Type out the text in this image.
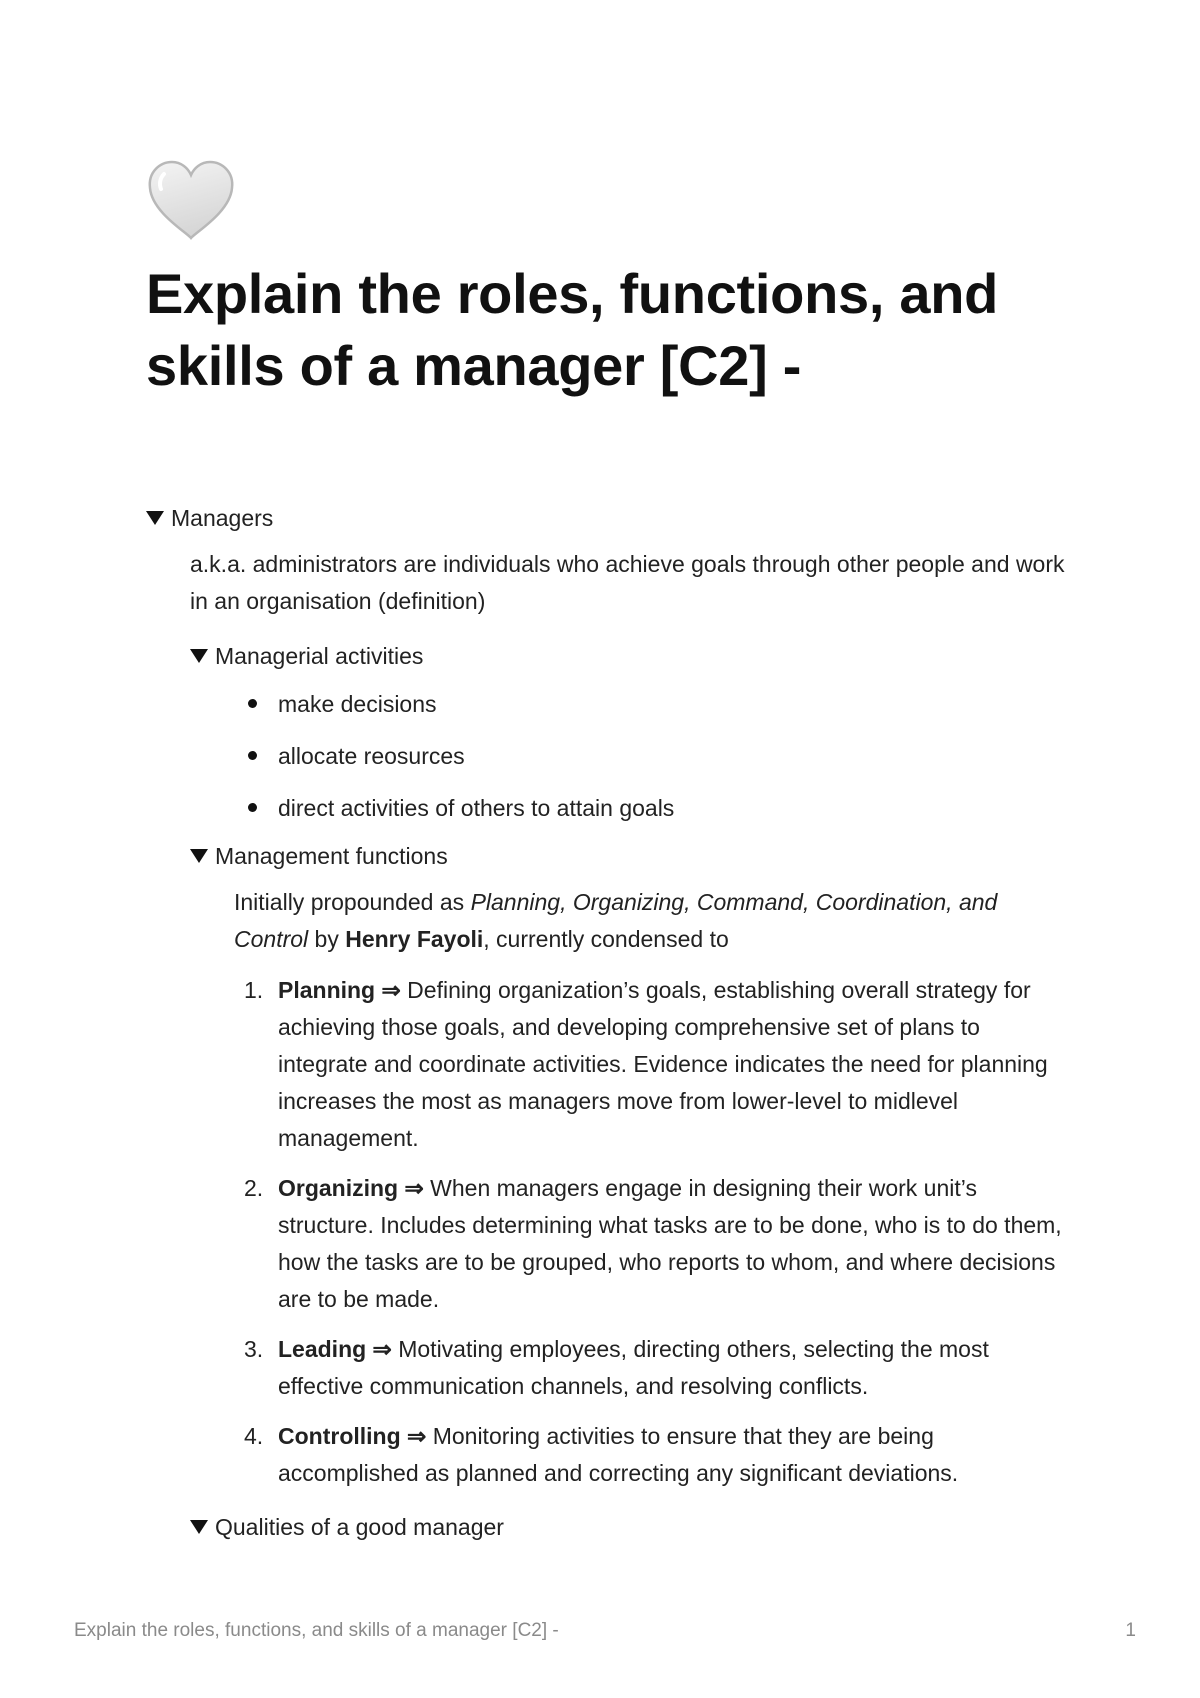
Explain the roles, functions, and skills of a manager [C2] -
Managers

a.k.a. administrators are individuals who achieve goals through other people and work in an organisation (definition)

Managerial activities
make decisions
allocate reosurces
direct activities of others to attain goals
Management functions

Initially propounded as Planning, Organizing, Command, Coordination, and Control by Henry Fayoli, currently condensed to

1. Planning ⇒ Defining organization’s goals, establishing overall strategy for achieving those goals, and developing comprehensive set of plans to integrate and coordinate activities. Evidence indicates the need for planning increases the most as managers move from lower-level to midlevel management.
2. Organizing ⇒ When managers engage in designing their work unit’s structure. Includes determining what tasks are to be done, who is to do them, how the tasks are to be grouped, who reports to whom, and where decisions are to be made.
3. Leading ⇒ Motivating employees, directing others, selecting the most effective communication channels, and resolving conflicts.
4. Controlling ⇒ Monitoring activities to ensure that they are being accomplished as planned and correcting any significant deviations.
Qualities of a good manager
Explain the roles, functions, and skills of a manager [C2] -	1
